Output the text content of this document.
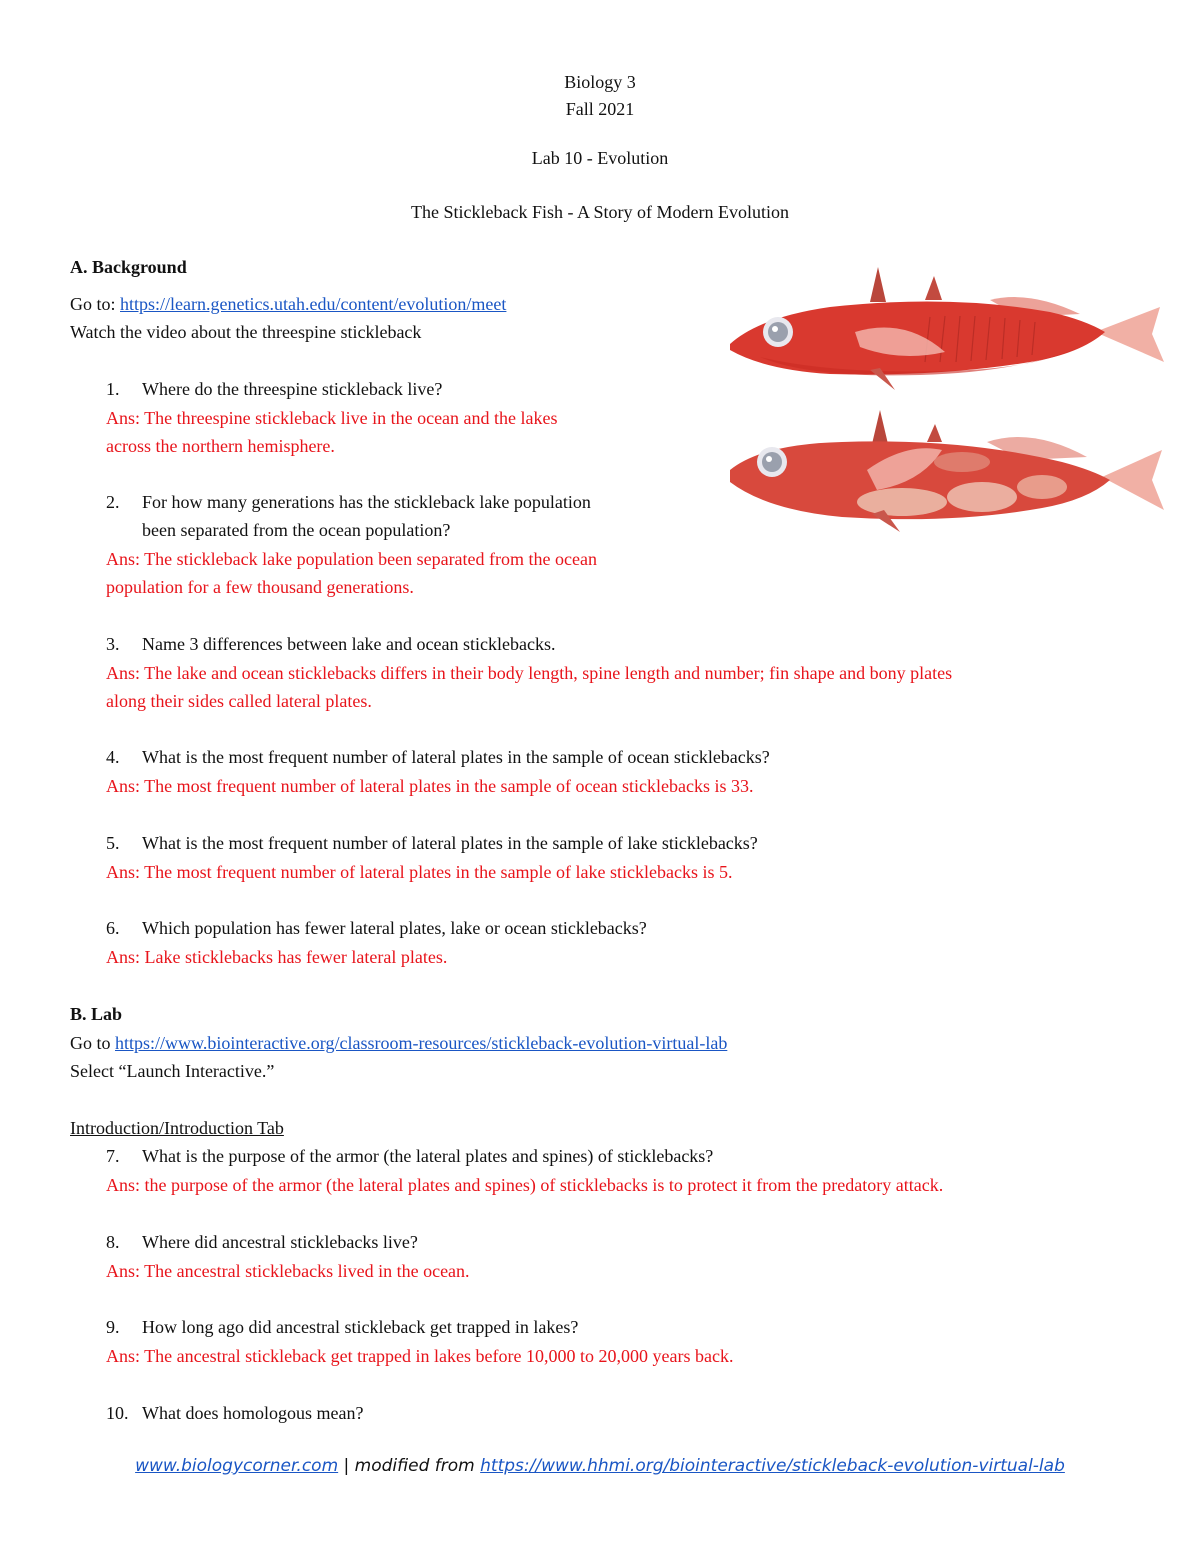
Biology 3
Fall 2021
Lab 10 - Evolution
The Stickleback Fish - A Story of Modern Evolution
A. Background
Go to: https://learn.genetics.utah.edu/content/evolution/meet
Watch the video about the threespine stickleback
1. Where do the threespine stickleback live?
Ans: The threespine stickleback live in the ocean and the lakes
across the northern hemisphere.
2. For how many generations has the stickleback lake population
been separated from the ocean population?
Ans: The stickleback lake population been separated from the ocean
population for a few thousand generations.
3. Name 3 differences between lake and ocean sticklebacks.
Ans: The lake and ocean sticklebacks differs in their body length, spine length and number; fin shape and bony plates
along their sides called lateral plates.
4. What is the most frequent number of lateral plates in the sample of ocean sticklebacks?
Ans: The most frequent number of lateral plates in the sample of ocean sticklebacks is 33.
5. What is the most frequent number of lateral plates in the sample of lake sticklebacks?
Ans: The most frequent number of lateral plates in the sample of lake sticklebacks is 5.
6. Which population has fewer lateral plates, lake or ocean sticklebacks?
Ans: Lake sticklebacks has fewer lateral plates.
B. Lab
Go to https://www.biointeractive.org/classroom-resources/stickleback-evolution-virtual-lab
Select “Launch Interactive.”
Introduction/Introduction Tab
7. What is the purpose of the armor (the lateral plates and spines) of sticklebacks?
Ans: the purpose of the armor (the lateral plates and spines) of sticklebacks is to protect it from the predatory attack.
8. Where did ancestral sticklebacks live?
Ans: The ancestral sticklebacks lived in the ocean.
9. How long ago did ancestral stickleback get trapped in lakes?
Ans: The ancestral stickleback get trapped in lakes before 10,000 to 20,000 years back.
10. What does homologous mean?
www.biologycorner.com | modified from https://www.hhmi.org/biointeractive/stickleback-evolution-virtual-lab
